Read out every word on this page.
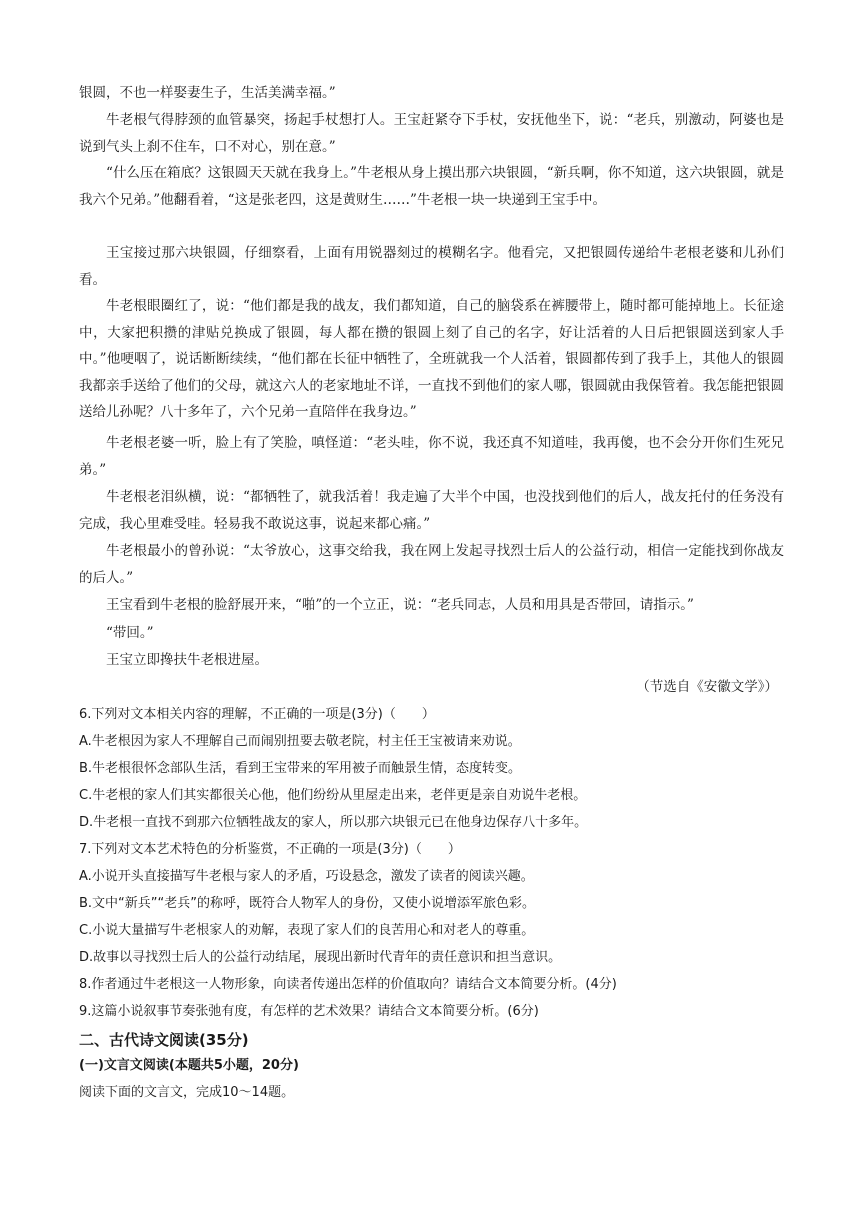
银圆，不也一样娶妻生子，生活美满幸福。”
牛老根气得脖颈的血管暴突，扬起手杖想打人。王宝赶紧夺下手杖，安抚他坐下，说：“老兵，别激动，阿婆也是说到气头上刹不住车，口不对心，别在意。”
“什么压在箱底？这银圆天天就在我身上。”牛老根从身上摸出那六块银圆，“新兵啊，你不知道，这六块银圆，就是我六个兄弟。”他翻看着，“这是张老四，这是黄财生……”牛老根一块一块递到王宝手中。
王宝接过那六块银圆，仔细察看，上面有用锐器刻过的模糊名字。他看完，又把银圆传递给牛老根老婆和儿孙们看。
牛老根眼圈红了，说：“他们都是我的战友，我们都知道，自己的脑袋系在裤腰带上，随时都可能掉地上。长征途中，大家把积攒的津贴兑换成了银圆，每人都在攒的银圆上刻了自己的名字，好让活着的人日后把银圆送到家人手中。”他哽咽了，说话断断续续，“他们都在长征中牺牲了，全班就我一个人活着，银圆都传到了我手上，其他人的银圆我都亲手送给了他们的父母，就这六人的老家地址不详，一直找不到他们的家人哪，银圆就由我保管着。我怎能把银圆送给儿孙呢？八十多年了，六个兄弟一直陪伴在我身边。”
牛老根老婆一听，脸上有了笑脸，嗔怪道：“老头哇，你不说，我还真不知道哇，我再傻，也不会分开你们生死兄弟。”
牛老根老泪纵横，说：“都牺牲了，就我活着！我走遍了大半个中国，也没找到他们的后人，战友托付的任务没有完成，我心里难受哇。轻易我不敢说这事，说起来都心痛。”
牛老根最小的曾孙说：“太爷放心，这事交给我，我在网上发起寻找烈士后人的公益行动，相信一定能找到你战友的后人。”
王宝看到牛老根的脸舒展开来，“啪”的一个立正，说：“老兵同志，人员和用具是否带回，请指示。”
“带回。”
王宝立即搀扶牛老根进屋。
（节选自《安徽文学》）
6.下列对文本相关内容的理解，不正确的一项是(3分)（　　）
A.牛老根因为家人不理解自己而闹别扭要去敬老院，村主任王宝被请来劝说。
B.牛老根很怀念部队生活，看到王宝带来的军用被子而触景生情，态度转变。
C.牛老根的家人们其实都很关心他，他们纷纷从里屋走出来，老伴更是亲自劝说牛老根。
D.牛老根一直找不到那六位牺牲战友的家人，所以那六块银元已在他身边保存八十多年。
7.下列对文本艺术特色的分析鉴赏，不正确的一项是(3分)（　　）
A.小说开头直接描写牛老根与家人的矛盾，巧设悬念，激发了读者的阅读兴趣。
B.文中“新兵”“老兵”的称呼，既符合人物军人的身份，又使小说增添军旅色彩。
C.小说大量描写牛老根家人的劝解，表现了家人们的良苦用心和对老人的尊重。
D.故事以寻找烈士后人的公益行动结尾，展现出新时代青年的责任意识和担当意识。
8.作者通过牛老根这一人物形象，向读者传递出怎样的价值取向？请结合文本简要分析。(4分)
9.这篇小说叙事节奏张弛有度，有怎样的艺术效果？请结合文本简要分析。(6分)
二、古代诗文阅读(35分)
(一)文言文阅读(本题共5小题，20分)
阅读下面的文言文，完成10～14题。
